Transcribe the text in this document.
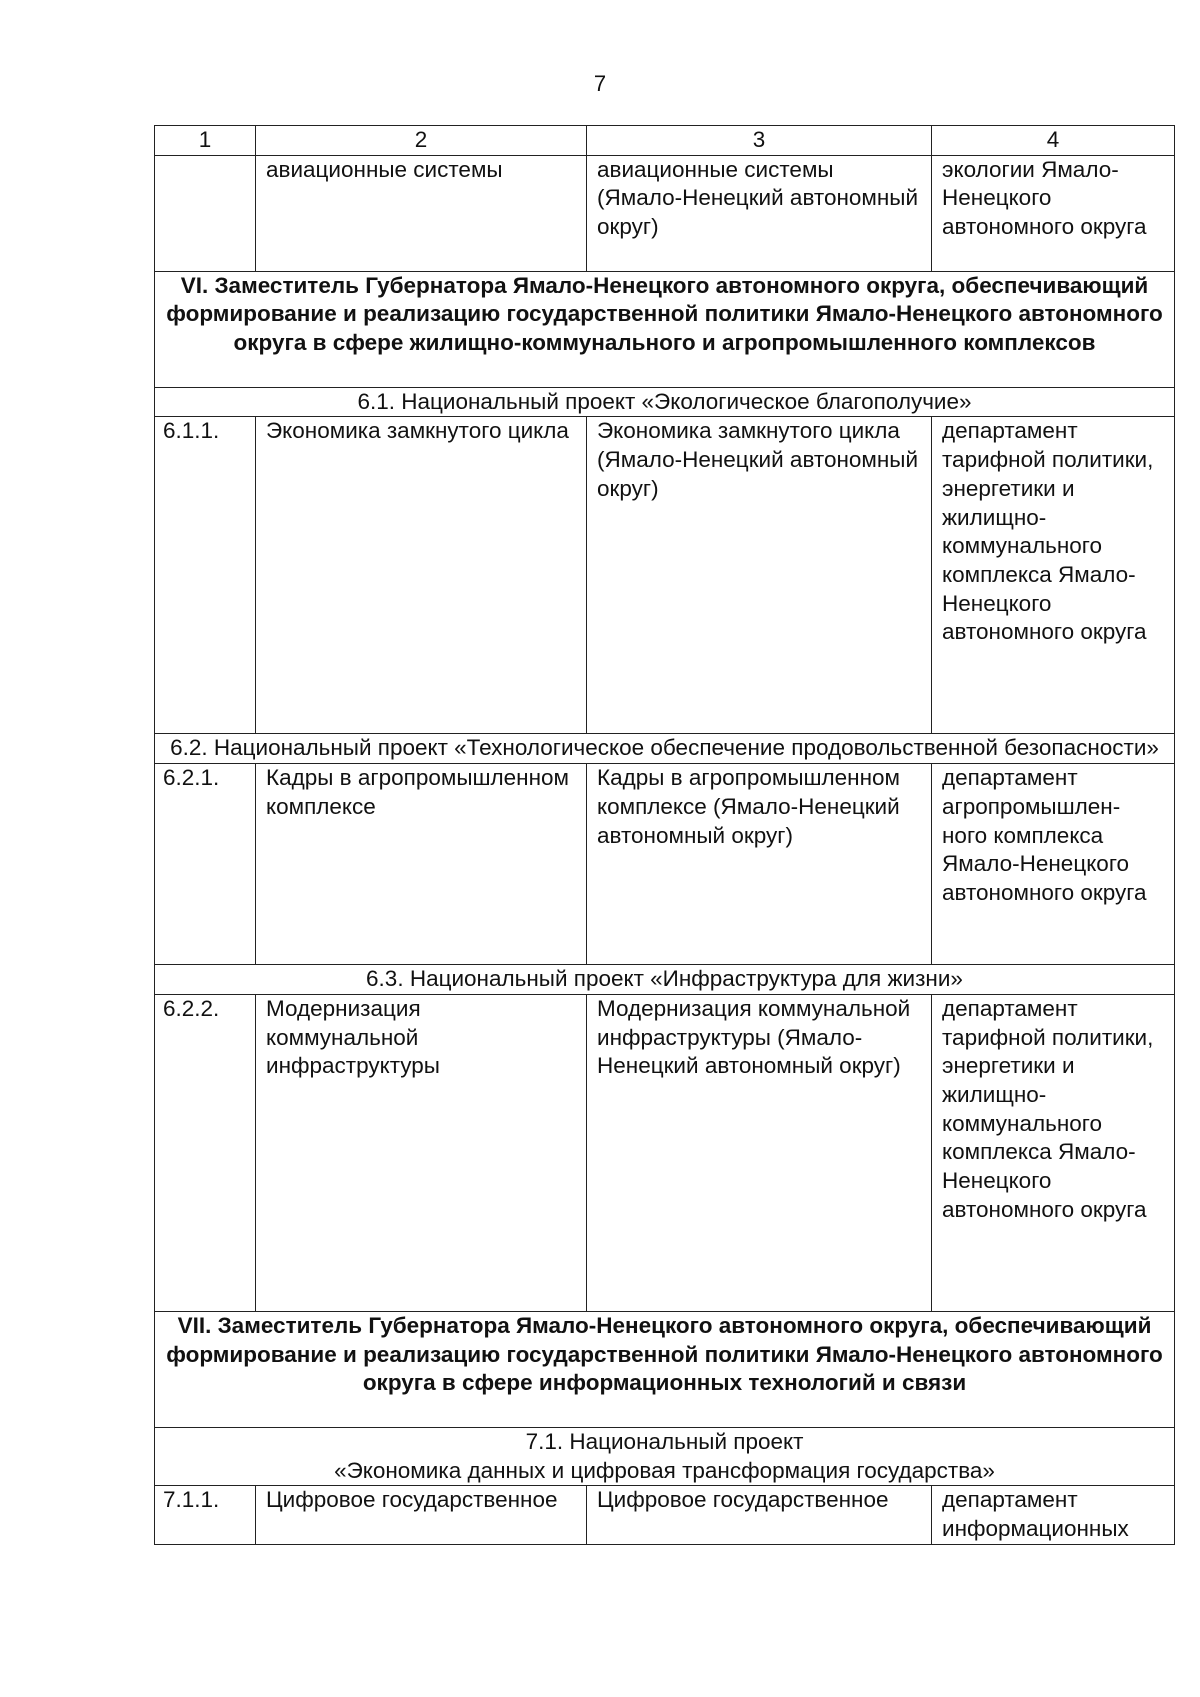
7
1	2	3	4
	авиационные системы	авиационные системы (Ямало-Ненецкий автономный округ)	экологии Ямало-Ненецкого автономного округа
VI. Заместитель Губернатора Ямало-Ненецкого автономного округа, обеспечивающий формирование и реализацию государственной политики Ямало-Ненецкого автономного округа в сфере жилищно-коммунального и агропромышленного комплексов			
6.1. Национальный проект «Экологическое благополучие»			
6.1.1.	Экономика замкнутого цикла	Экономика замкнутого цикла (Ямало-Ненецкий автономный округ)	департамент тарифной политики, энергетики и жилищно-коммунального комплекса Ямало-Ненецкого автономного округа
6.2. Национальный проект «Технологическое обеспечение продовольственной безопасности»			
6.2.1.	Кадры в агропромышленном комплексе	Кадры в агропромышленном комплексе (Ямало-Ненецкий автономный округ)	департамент агропромышлен-ного комплекса Ямало-Ненецкого автономного округа
6.3. Национальный проект «Инфраструктура для жизни»			
6.2.2.	Модернизация коммунальной инфраструктуры	Модернизация коммунальной инфраструктуры (Ямало-Ненецкий автономный округ)	департамент тарифной политики, энергетики и жилищно-коммунального комплекса Ямало-Ненецкого автономного округа
VII. Заместитель Губернатора Ямало-Ненецкого автономного округа, обеспечивающий формирование и реализацию государственной политики Ямало-Ненецкого автономного округа в сфере информационных технологий и связи			

7.1. Национальный проект
«Экономика данных и цифровая трансформация государства»			

7.1.1.	Цифровое государственное	Цифровое государственное	департамент информационных
